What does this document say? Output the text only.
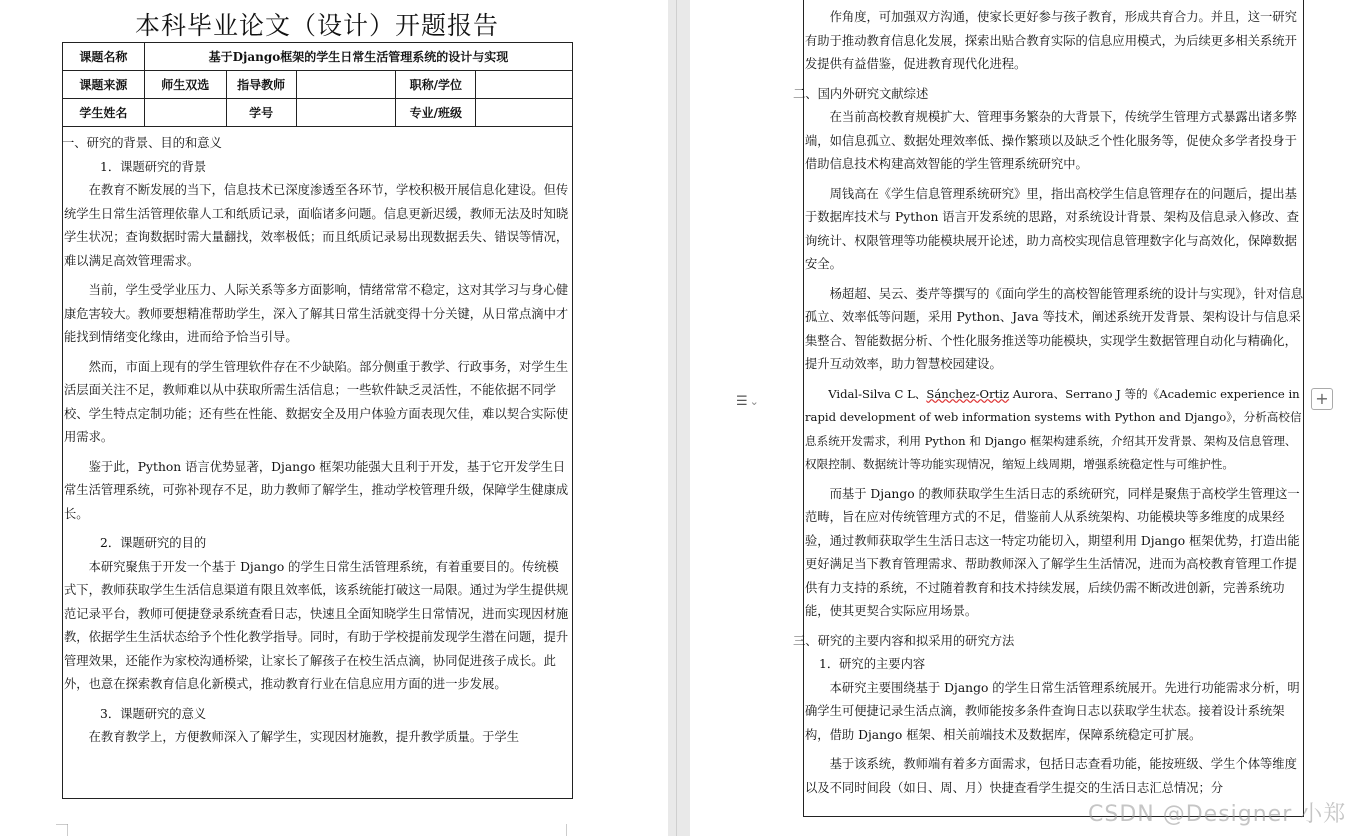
本科毕业论文（设计）开题报告
课题名称	基于Django框架的学生日常生活管理系统的设计与实现				
课题来源	师生双选	指导教师		职称/学位	
学生姓名		学号		专业/班级	

一、研究的背景、目的和意义

1．课题研究的背景

在教育不断发展的当下，信息技术已深度渗透至各环节，学校积极开展信息化建设。但传统学生日常生活管理依靠人工和纸质记录，面临诸多问题。信息更新迟缓，教师无法及时知晓学生状况；查询数据时需大量翻找，效率极低；而且纸质记录易出现数据丢失、错误等情况，难以满足高效管理需求。

当前，学生受学业压力、人际关系等多方面影响，情绪常常不稳定，这对其学习与身心健康危害较大。教师要想精准帮助学生，深入了解其日常生活就变得十分关键，从日常点滴中才能找到情绪变化缘由，进而给予恰当引导。

然而，市面上现有的学生管理软件存在不少缺陷。部分侧重于教学、行政事务，对学生生活层面关注不足，教师难以从中获取所需生活信息；一些软件缺乏灵活性，不能依据不同学校、学生特点定制功能；还有些在性能、数据安全及用户体验方面表现欠佳，难以契合实际使用需求。

鉴于此，Python 语言优势显著，Django 框架功能强大且利于开发，基于它开发学生日常生活管理系统，可弥补现存不足，助力教师了解学生，推动学校管理升级，保障学生健康成长。

2．课题研究的目的

本研究聚焦于开发一个基于 Django 的学生日常生活管理系统，有着重要目的。传统模式下，教师获取学生生活信息渠道有限且效率低，该系统能打破这一局限。通过为学生提供规范记录平台，教师可便捷登录系统查看日志，快速且全面知晓学生日常情况，进而实现因材施教，依据学生生活状态给予个性化教学指导。同时，有助于学校提前发现学生潜在问题，提升管理效果，还能作为家校沟通桥梁，让家长了解孩子在校生活点滴，协同促进孩子成长。此外，也意在探索教育信息化新模式，推动教育行业在信息应用方面的进一步发展。

3．课题研究的意义

在教育教学上，方便教师深入了解学生，实现因材施教，提升教学质量。于学生

作角度，可加强双方沟通，使家长更好参与孩子教育，形成共育合力。并且，这一研究有助于推动教育信息化发展，探索出贴合教育实际的信息应用模式，为后续更多相关系统开发提供有益借鉴，促进教育现代化进程。

二、国内外研究文献综述

在当前高校教育规模扩大、管理事务繁杂的大背景下，传统学生管理方式暴露出诸多弊端，如信息孤立、数据处理效率低、操作繁琐以及缺乏个性化服务等，促使众多学者投身于借助信息技术构建高效智能的学生管理系统研究中。

周钱高在《学生信息管理系统研究》里，指出高校学生信息管理存在的问题后，提出基于数据库技术与 Python 语言开发系统的思路，对系统设计背景、架构及信息录入修改、查询统计、权限管理等功能模块展开论述，助力高校实现信息管理数字化与高效化，保障数据安全。

杨超超、吴云、娄芹等撰写的《面向学生的高校智能管理系统的设计与实现》，针对信息孤立、效率低等问题，采用 Python、Java 等技术，阐述系统开发背景、架构设计与信息采集整合、智能数据分析、个性化服务推送等功能模块，实现学生数据管理自动化与精确化，提升互动效率，助力智慧校园建设。

Vidal-Silva C L、Sánchez-Ortiz Aurora、Serrano J 等的《Academic experience in rapid development of web information systems with Python and Django》，分析高校信息系统开发需求，利用 Python 和 Django 框架构建系统，介绍其开发背景、架构及信息管理、权限控制、数据统计等功能实现情况，缩短上线周期，增强系统稳定性与可维护性。

而基于 Django 的教师获取学生生活日志的系统研究，同样是聚焦于高校学生管理这一范畴，旨在应对传统管理方式的不足，借鉴前人从系统架构、功能模块等多维度的成果经验，通过教师获取学生生活日志这一特定功能切入，期望利用 Django 框架优势，打造出能更好满足当下教育管理需求、帮助教师深入了解学生生活情况，进而为高校教育管理工作提供有力支持的系统，不过随着教育和技术持续发展，后续仍需不断改进创新，完善系统功能，使其更契合实际应用场景。

三、研究的主要内容和拟采用的研究方法

1．研究的主要内容

本研究主要围绕基于 Django 的学生日常生活管理系统展开。先进行功能需求分析，明确学生可便捷记录生活点滴，教师能按多条件查询日志以获取学生状态。接着设计系统架构，借助 Django 框架、相关前端技术及数据库，保障系统稳定可扩展。

基于该系统，教师端有着多方面需求，包括日志查看功能，能按班级、学生个体等维度以及不同时间段（如日、周、月）快捷查看学生提交的生活日志汇总情况；分

☰ ⌄	+
CSDN @Designer 小郑
